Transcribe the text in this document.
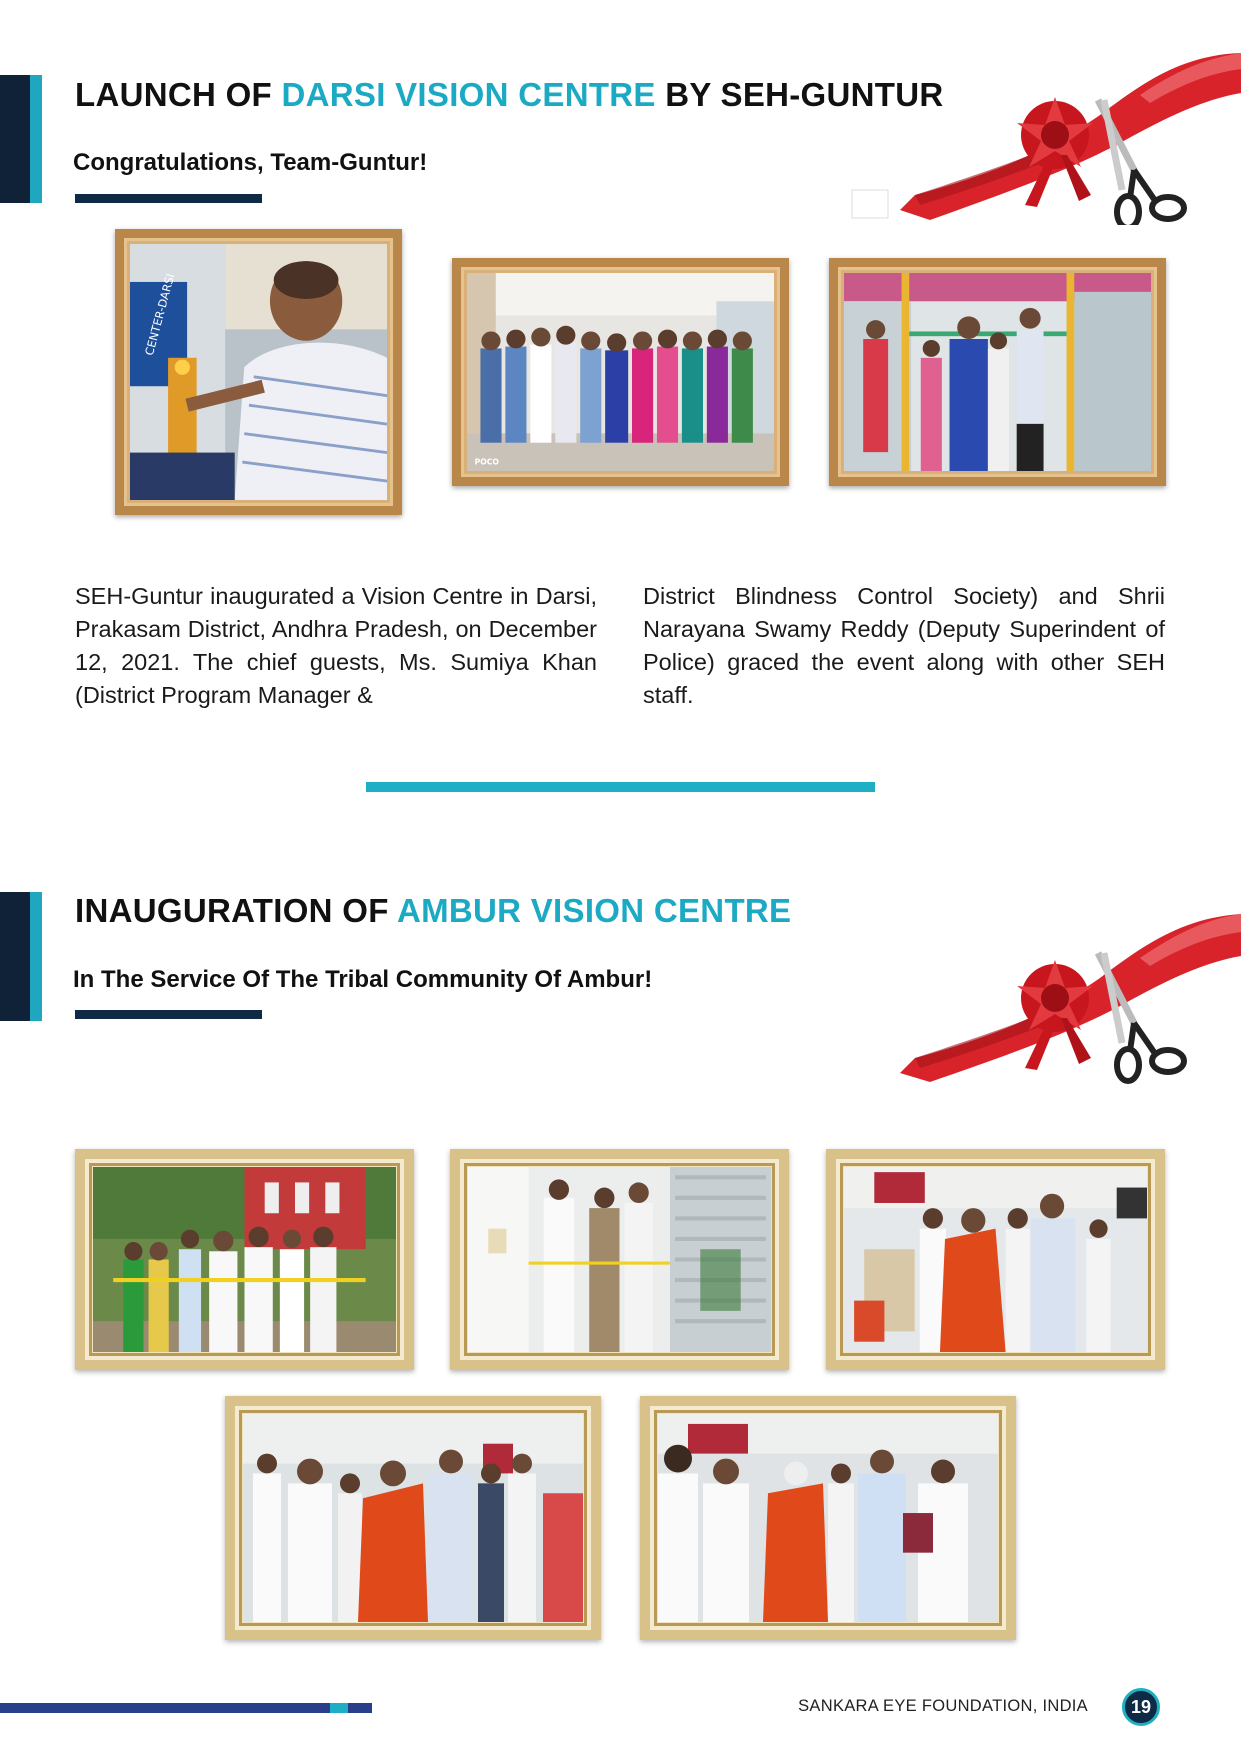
LAUNCH OF DARSI VISION CENTRE BY SEH-GUNTUR
Congratulations, Team-Guntur!
CENTER-DARSI
POCO
SEH-Guntur inaugurated a Vision Centre in Darsi, Prakasam District, Andhra Pradesh, on December 12, 2021. The chief guests, Ms. Sumiya Khan (District Program Manager &
District Blindness Control Society) and Shrii Narayana Swamy Reddy (Deputy Superindent of Police) graced the event along with other SEH staff.
INAUGURATION OF AMBUR VISION CENTRE
In The Service Of The Tribal Community Of Ambur!
SANKARA EYE FOUNDATION, INDIA	19
